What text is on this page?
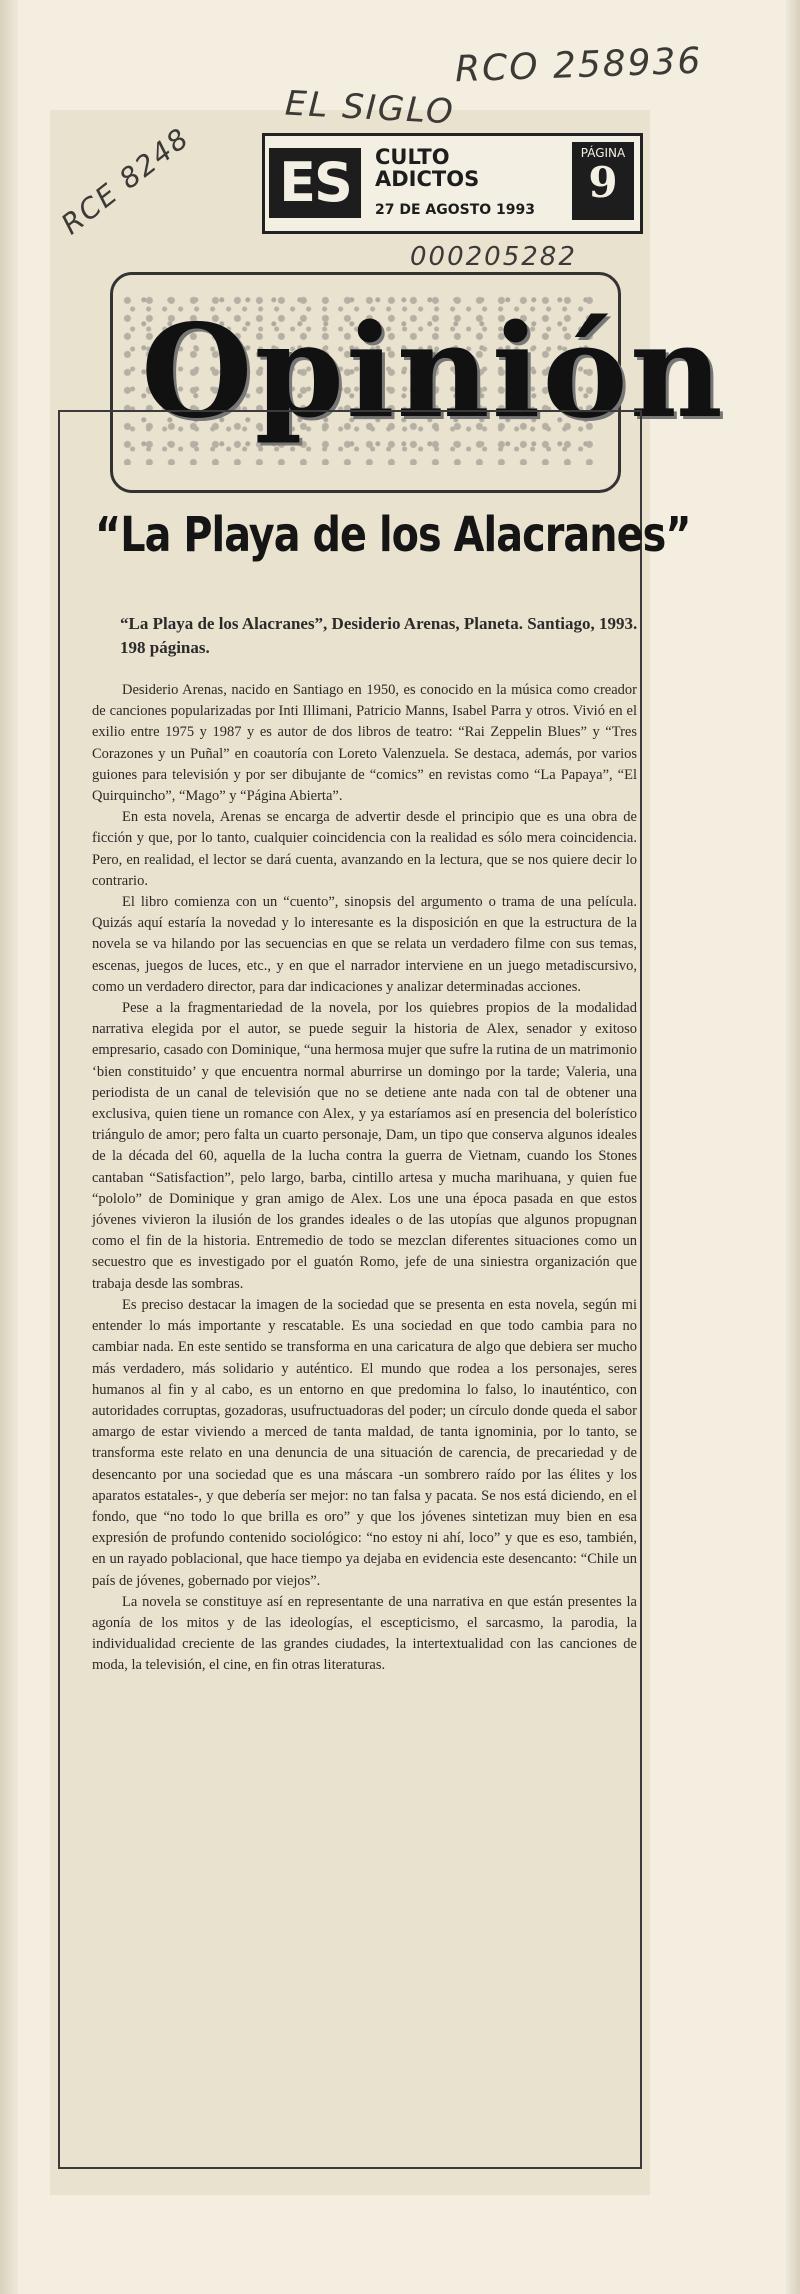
RCO 258936
EL SIGLO
RCE 8248
000205282
ES	CULTO
ADICTOS
27 DE AGOSTO 1993
PÁGINA
9
Opinión
“La Playa de los Alacranes”
“La Playa de los Alacranes”, Desiderio Arenas, Planeta. Santiago, 1993. 198 páginas.

Desiderio Arenas, nacido en Santiago en 1950, es conocido en la música como creador de canciones popularizadas por Inti Illimani, Patricio Manns, Isabel Parra y otros. Vivió en el exilio entre 1975 y 1987 y es autor de dos libros de teatro: “Rai Zeppelin Blues” y “Tres Corazones y un Puñal” en coautoría con Loreto Valenzuela. Se destaca, además, por varios guiones para televisión y por ser dibujante de “comics” en revistas como “La Papaya”, “El Quirquincho”, “Mago” y “Página Abierta”.

En esta novela, Arenas se encarga de advertir desde el principio que es una obra de ficción y que, por lo tanto, cualquier coincidencia con la realidad es sólo mera coincidencia. Pero, en realidad, el lector se dará cuenta, avanzando en la lectura, que se nos quiere decir lo contrario.

El libro comienza con un “cuento”, sinopsis del argumento o trama de una película. Quizás aquí estaría la novedad y lo interesante es la disposición en que la estructura de la novela se va hilando por las secuencias en que se relata un verdadero filme con sus temas, escenas, juegos de luces, etc., y en que el narrador interviene en un juego metadiscursivo, como un verdadero director, para dar indicaciones y analizar determinadas acciones.

Pese a la fragmentariedad de la novela, por los quiebres propios de la modalidad narrativa elegida por el autor, se puede seguir la historia de Alex, senador y exitoso empresario, casado con Dominique, “una hermosa mujer que sufre la rutina de un matrimonio ‘bien constituido’ y que encuentra normal aburrirse un domingo por la tarde; Valeria, una periodista de un canal de televisión que no se detiene ante nada con tal de obtener una exclusiva, quien tiene un romance con Alex, y ya estaríamos así en presencia del bolerístico triángulo de amor; pero falta un cuarto personaje, Dam, un tipo que conserva algunos ideales de la década del 60, aquella de la lucha contra la guerra de Vietnam, cuando los Stones cantaban “Satisfaction”, pelo largo, barba, cintillo artesa y mucha marihuana, y quien fue “pololo” de Dominique y gran amigo de Alex. Los une una época pasada en que estos jóvenes vivieron la ilusión de los grandes ideales o de las utopías que algunos propugnan como el fin de la historia. Entremedio de todo se mezclan diferentes situaciones como un secuestro que es investigado por el guatón Romo, jefe de una siniestra organización que trabaja desde las sombras.

Es preciso destacar la imagen de la sociedad que se presenta en esta novela, según mi entender lo más importante y rescatable. Es una sociedad en que todo cambia para no cambiar nada. En este sentido se transforma en una caricatura de algo que debiera ser mucho más verdadero, más solidario y auténtico. El mundo que rodea a los personajes, seres humanos al fin y al cabo, es un entorno en que predomina lo falso, lo inauténtico, con autoridades corruptas, gozadoras, usufructuadoras del poder; un círculo donde queda el sabor amargo de estar viviendo a merced de tanta maldad, de tanta ignominia, por lo tanto, se transforma este relato en una denuncia de una situación de carencia, de precariedad y de desencanto por una sociedad que es una máscara -un sombrero raído por las élites y los aparatos estatales-, y que debería ser mejor: no tan falsa y pacata. Se nos está diciendo, en el fondo, que “no todo lo que brilla es oro” y que los jóvenes sintetizan muy bien en esa expresión de profundo contenido sociológico: “no estoy ni ahí, loco” y que es eso, también, en un rayado poblacional, que hace tiempo ya dejaba en evidencia este desencanto: “Chile un país de jóvenes, gobernado por viejos”.

La novela se constituye así en representante de una narrativa en que están presentes la agonía de los mitos y de las ideologías, el escepticismo, el sarcasmo, la parodia, la individualidad creciente de las grandes ciudades, la intertextualidad con las canciones de moda, la televisión, el cine, en fin otras literaturas.
